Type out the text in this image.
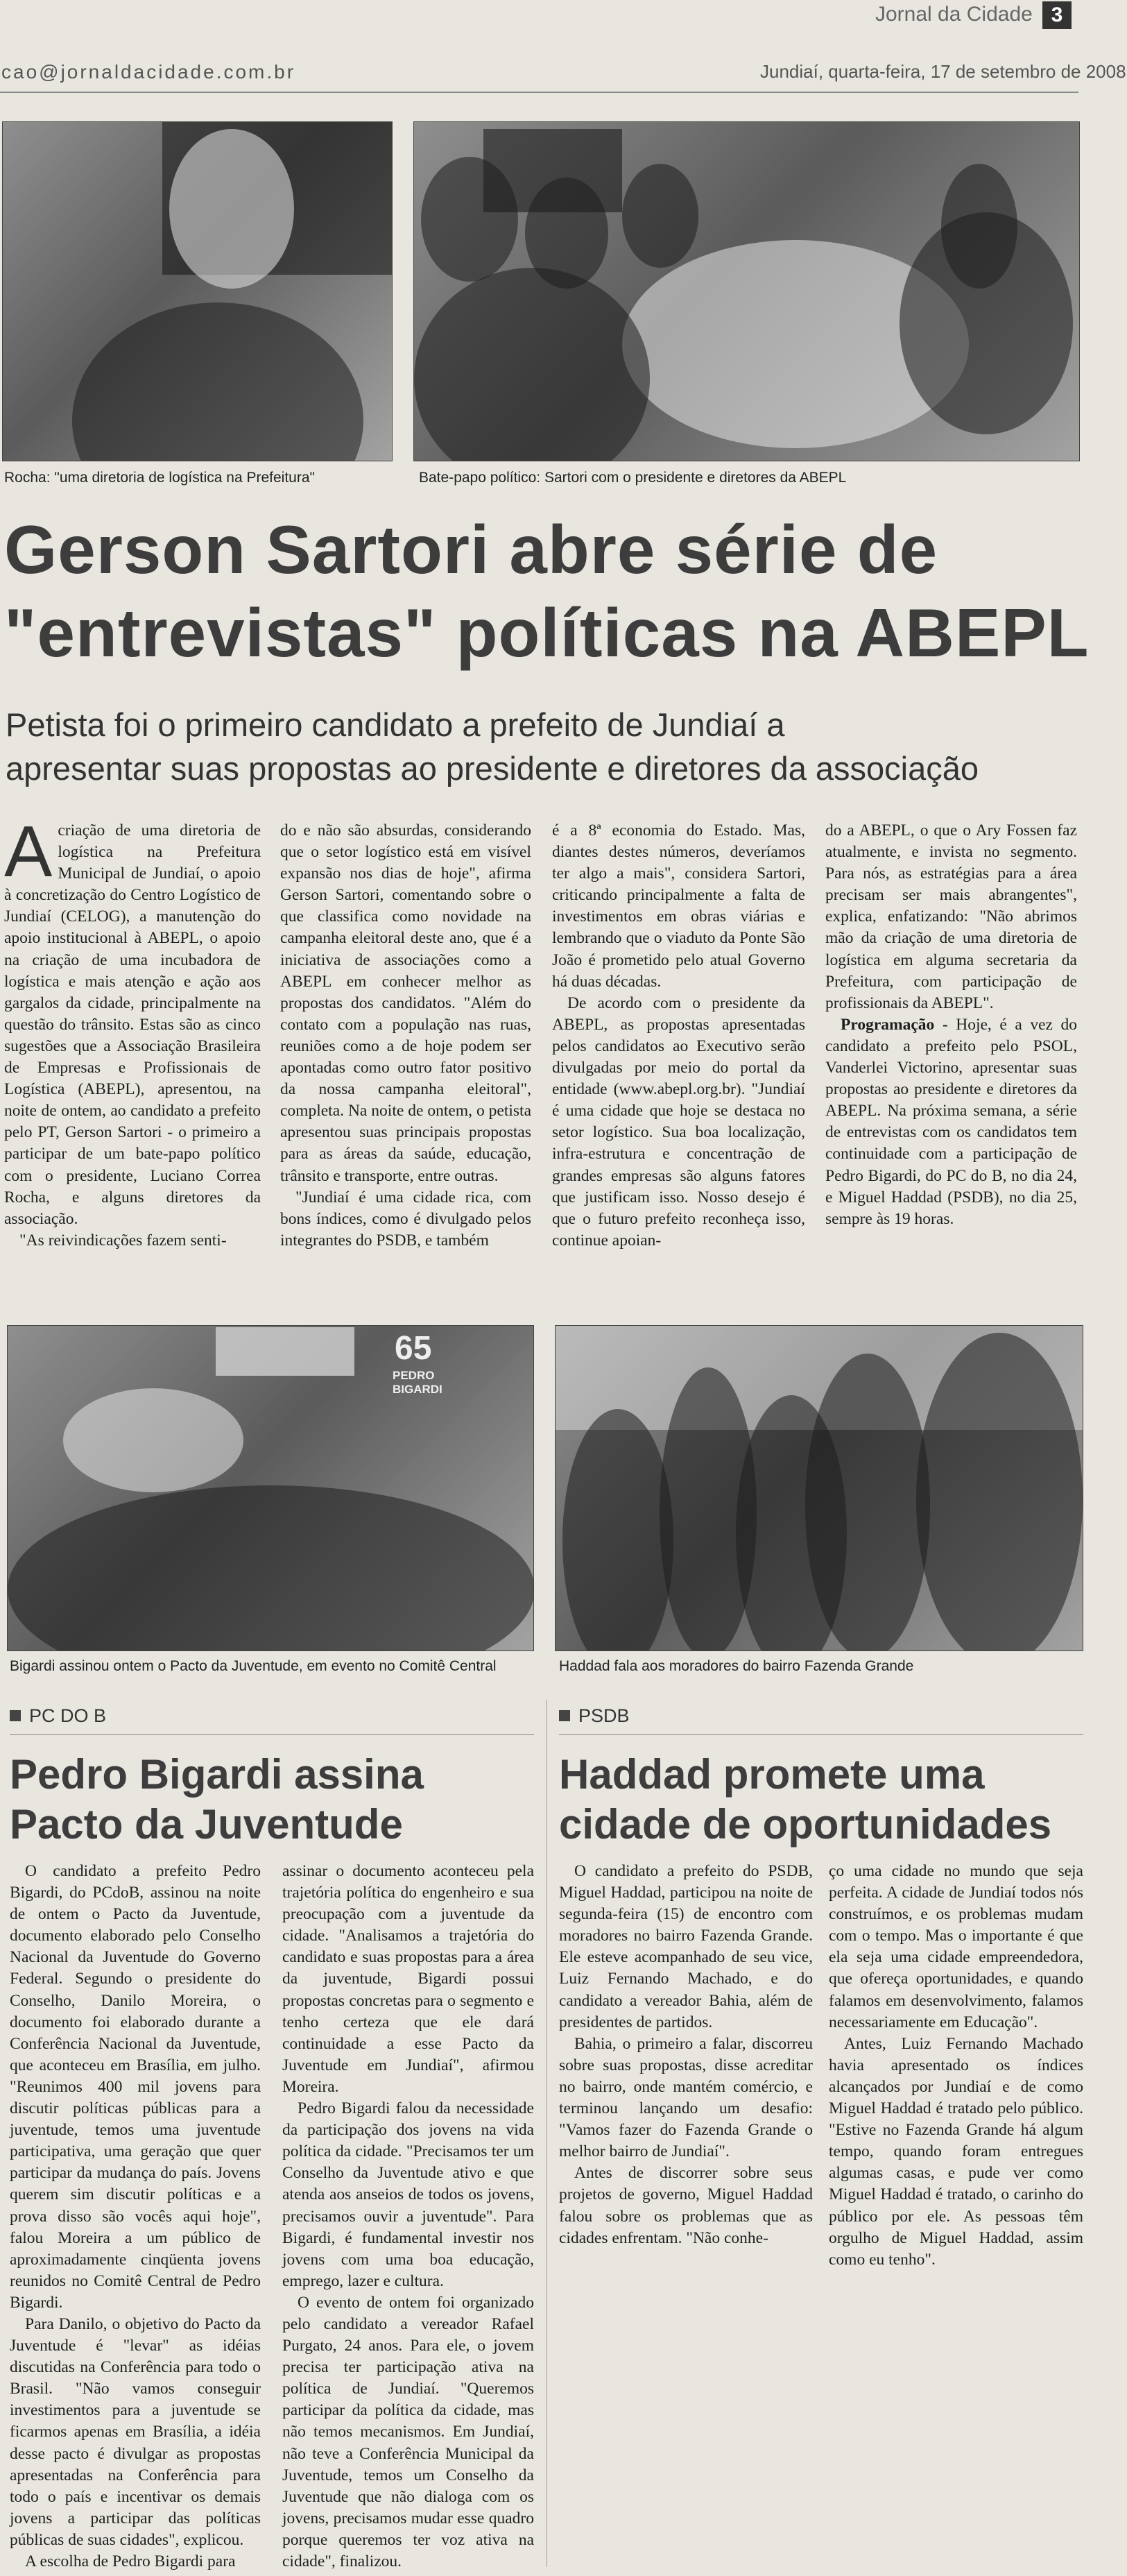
Jornal da Cidade 3
cao@jornaldacidade.com.br	Jundiaí, quarta-feira, 17 de setembro de 2008
Rocha: "uma diretoria de logística na Prefeitura"	Bate-papo político: Sartori com o presidente e diretores da ABEPL
Gerson Sartori abre série de
"entrevistas" políticas na ABEPL
Petista foi o primeiro candidato a prefeito de Jundiaí a
apresentar suas propostas ao presidente e diretores da associação

Acriação de uma diretoria de logística na Prefeitura Municipal de Jundiaí, o apoio à concretização do Centro Logístico de Jundiaí (CELOG), a manutenção do apoio institucional à ABEPL, o apoio na criação de uma incubadora de logística e mais atenção e ação aos gargalos da cidade, principalmente na questão do trânsito. Estas são as cinco sugestões que a Associação Brasileira de Empresas e Profissionais de Logística (ABEPL), apresentou, na noite de ontem, ao candidato a prefeito pelo PT, Gerson Sartori - o primeiro a participar de um bate-papo político com o presidente, Luciano Correa Rocha, e alguns diretores da associação.

"As reivindicações fazem senti-

do e não são absurdas, considerando que o setor logístico está em visível expansão nos dias de hoje", afirma Gerson Sartori, comentando sobre o que classifica como novidade na campanha eleitoral deste ano, que é a iniciativa de associações como a ABEPL em conhecer melhor as propostas dos candidatos. "Além do contato com a população nas ruas, reuniões como a de hoje podem ser apontadas como outro fator positivo da nossa campanha eleitoral", completa. Na noite de ontem, o petista apresentou suas principais propostas para as áreas da saúde, educação, trânsito e transporte, entre outras.

"Jundiaí é uma cidade rica, com bons índices, como é divulgado pelos integrantes do PSDB, e também

é a 8ª economia do Estado. Mas, diantes destes números, deveríamos ter algo a mais", considera Sartori, criticando principalmente a falta de investimentos em obras viárias e lembrando que o viaduto da Ponte São João é prometido pelo atual Governo há duas décadas.

De acordo com o presidente da ABEPL, as propostas apresentadas pelos candidatos ao Executivo serão divulgadas por meio do portal da entidade (www.abepl.org.br). "Jundiaí é uma cidade que hoje se destaca no setor logístico. Sua boa localização, infra-estrutura e concentração de grandes empresas são alguns fatores que justificam isso. Nosso desejo é que o futuro prefeito reconheça isso, continue apoian-

do a ABEPL, o que o Ary Fossen faz atualmente, e invista no segmento. Para nós, as estratégias para a área precisam ser mais abrangentes", explica, enfatizando: "Não abrimos mão da criação de uma diretoria de logística em alguma secretaria da Prefeitura, com participação de profissionais da ABEPL".

Programação - Hoje, é a vez do candidato a prefeito pelo PSOL, Vanderlei Victorino, apresentar suas propostas ao presidente e diretores da ABEPL. Na próxima semana, a série de entrevistas com os candidatos tem continuidade com a participação de Pedro Bigardi, do PC do B, no dia 24, e Miguel Haddad (PSDB), no dia 25, sempre às 19 horas.

65
PEDRO BIGARDI
Bigardi assinou ontem o Pacto da Juventude, em evento no Comitê Central	Haddad fala aos moradores do bairro Fazenda Grande
PC DO B	PSDB
Pedro Bigardi assina
Pacto da Juventude

O candidato a prefeito Pedro Bigardi, do PCdoB, assinou na noite de ontem o Pacto da Juventude, documento elaborado pelo Conselho Nacional da Juventude do Governo Federal. Segundo o presidente do Conselho, Danilo Moreira, o documento foi elaborado durante a Conferência Nacional da Juventude, que aconteceu em Brasília, em julho. "Reunimos 400 mil jovens para discutir políticas públicas para a juventude, temos uma juventude participativa, uma geração que quer participar da mudança do país. Jovens querem sim discutir políticas e a prova disso são vocês aqui hoje", falou Moreira a um público de aproximadamente cinqüenta jovens reunidos no Comitê Central de Pedro Bigardi.

Para Danilo, o objetivo do Pacto da Juventude é "levar" as idéias discutidas na Conferência para todo o Brasil. "Não vamos conseguir investimentos para a juventude se ficarmos apenas em Brasília, a idéia desse pacto é divulgar as propostas apresentadas na Conferência para todo o país e incentivar os demais jovens a participar das políticas públicas de suas cidades", explicou.

A escolha de Pedro Bigardi para

assinar o documento aconteceu pela trajetória política do engenheiro e sua preocupação com a juventude da cidade. "Analisamos a trajetória do candidato e suas propostas para a área da juventude, Bigardi possui propostas concretas para o segmento e tenho certeza que ele dará continuidade a esse Pacto da Juventude em Jundiaí", afirmou Moreira.

Pedro Bigardi falou da necessidade da participação dos jovens na vida política da cidade. "Precisamos ter um Conselho da Juventude ativo e que atenda aos anseios de todos os jovens, precisamos ouvir a juventude". Para Bigardi, é fundamental investir nos jovens com uma boa educação, emprego, lazer e cultura.

O evento de ontem foi organizado pelo candidato a vereador Rafael Purgato, 24 anos. Para ele, o jovem precisa ter participação ativa na política de Jundiaí. "Queremos participar da política da cidade, mas não temos mecanismos. Em Jundiaí, não teve a Conferência Municipal da Juventude, temos um Conselho da Juventude que não dialoga com os jovens, precisamos mudar esse quadro porque queremos ter voz ativa na cidade", finalizou.

Haddad promete uma
cidade de oportunidades

O candidato a prefeito do PSDB, Miguel Haddad, participou na noite de segunda-feira (15) de encontro com moradores no bairro Fazenda Grande. Ele esteve acompanhado de seu vice, Luiz Fernando Machado, e do candidato a vereador Bahia, além de presidentes de partidos.

Bahia, o primeiro a falar, discorreu sobre suas propostas, disse acreditar no bairro, onde mantém comércio, e terminou lançando um desafio: "Vamos fazer do Fazenda Grande o melhor bairro de Jundiaí".

Antes de discorrer sobre seus projetos de governo, Miguel Haddad falou sobre os problemas que as cidades enfrentam. "Não conhe-

ço uma cidade no mundo que seja perfeita. A cidade de Jundiaí todos nós construímos, e os problemas mudam com o tempo. Mas o importante é que ela seja uma cidade empreendedora, que ofereça oportunidades, e quando falamos em desenvolvimento, falamos necessariamente em Educação".

Antes, Luiz Fernando Machado havia apresentado os índices alcançados por Jundiaí e de como Miguel Haddad é tratado pelo público. "Estive no Fazenda Grande há algum tempo, quando foram entregues algumas casas, e pude ver como Miguel Haddad é tratado, o carinho do público por ele. As pessoas têm orgulho de Miguel Haddad, assim como eu tenho".
